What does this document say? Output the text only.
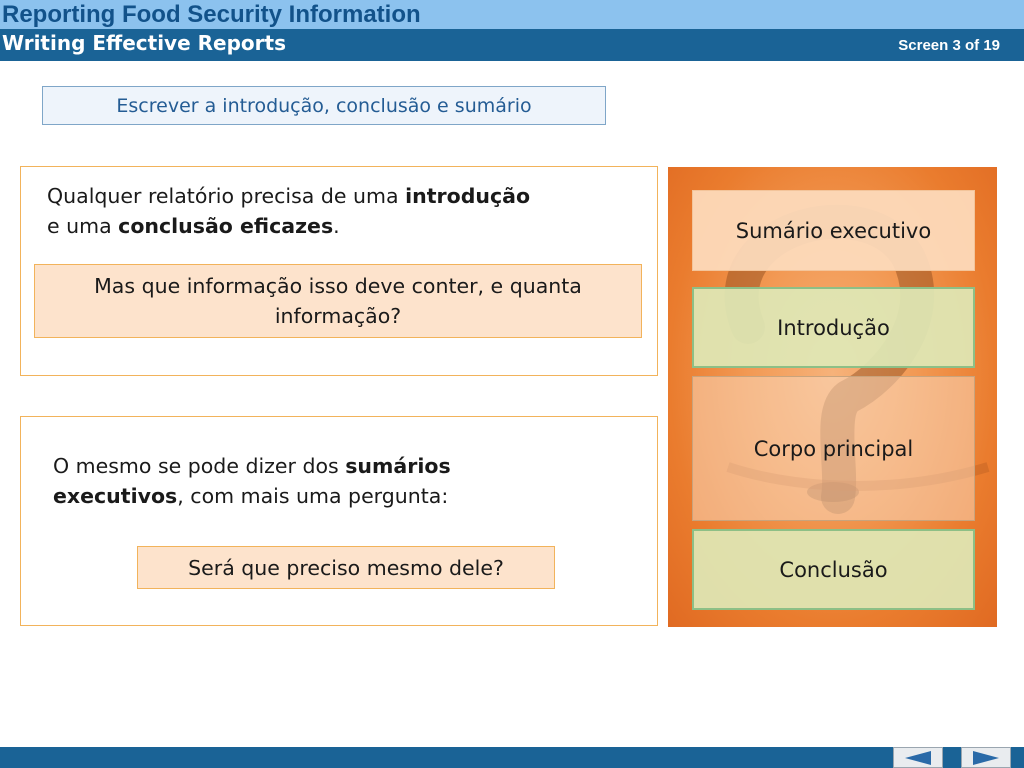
Reporting Food Security Information
Writing Effective Reports	Screen 3 of 19
Escrever a introdução, conclusão e sumário
Qualquer relatório precisa de uma introdução
e uma conclusão eficazes.
Mas que informação isso deve conter, e quanta informação?
O mesmo se pode dizer dos sumários executivos, com mais uma pergunta:
Será que preciso mesmo dele?
Sumário executivo
Introdução
Corpo principal
Conclusão
